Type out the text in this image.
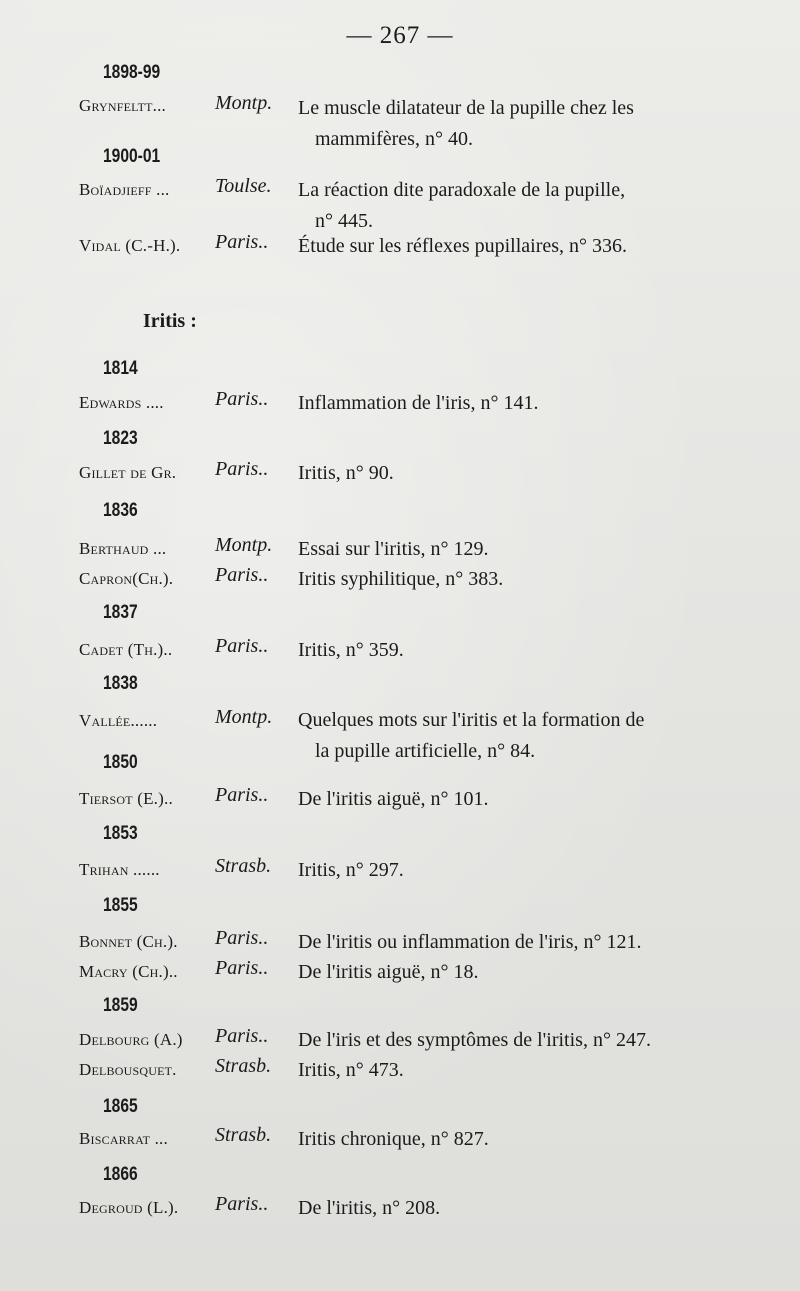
— 267 —
1898-99
Grynfeltt...	Montp.	Le muscle dilatateur de la pupille chez les
mammifères, n° 40.
1900-01
Boïadjieff ...	Toulse.	La réaction dite paradoxale de la pupille,
n° 445.
Vidal (C.-H.).	Paris..	Étude sur les réflexes pupillaires, n° 336.
Iritis :
1814
Edwards ....	Paris..	Inflammation de l'iris, n° 141.
1823
Gillet de Gr.	Paris..	Iritis, n° 90.
1836
Berthaud ...	Montp.	Essai sur l'iritis, n° 129.
Capron(Ch.).	Paris..	Iritis syphilitique, n° 383.
1837
Cadet (Th.)..	Paris..	Iritis, n° 359.
1838
Vallée......	Montp.	Quelques mots sur l'iritis et la formation de
la pupille artificielle, n° 84.
1850
Tiersot (E.)..	Paris..	De l'iritis aiguë, n° 101.
1853
Trihan ......	Strasb.	Iritis, n° 297.
1855
Bonnet (Ch.).	Paris..	De l'iritis ou inflammation de l'iris, n° 121.
Macry (Ch.)..	Paris..	De l'iritis aiguë, n° 18.
1859
Delbourg (A.)	Paris..	De l'iris et des symptômes de l'iritis, n° 247.
Delbousquet.	Strasb.	Iritis, n° 473.
1865
Biscarrat ...	Strasb.	Iritis chronique, n° 827.
1866
Degroud (L.).	Paris..	De l'iritis, n° 208.
